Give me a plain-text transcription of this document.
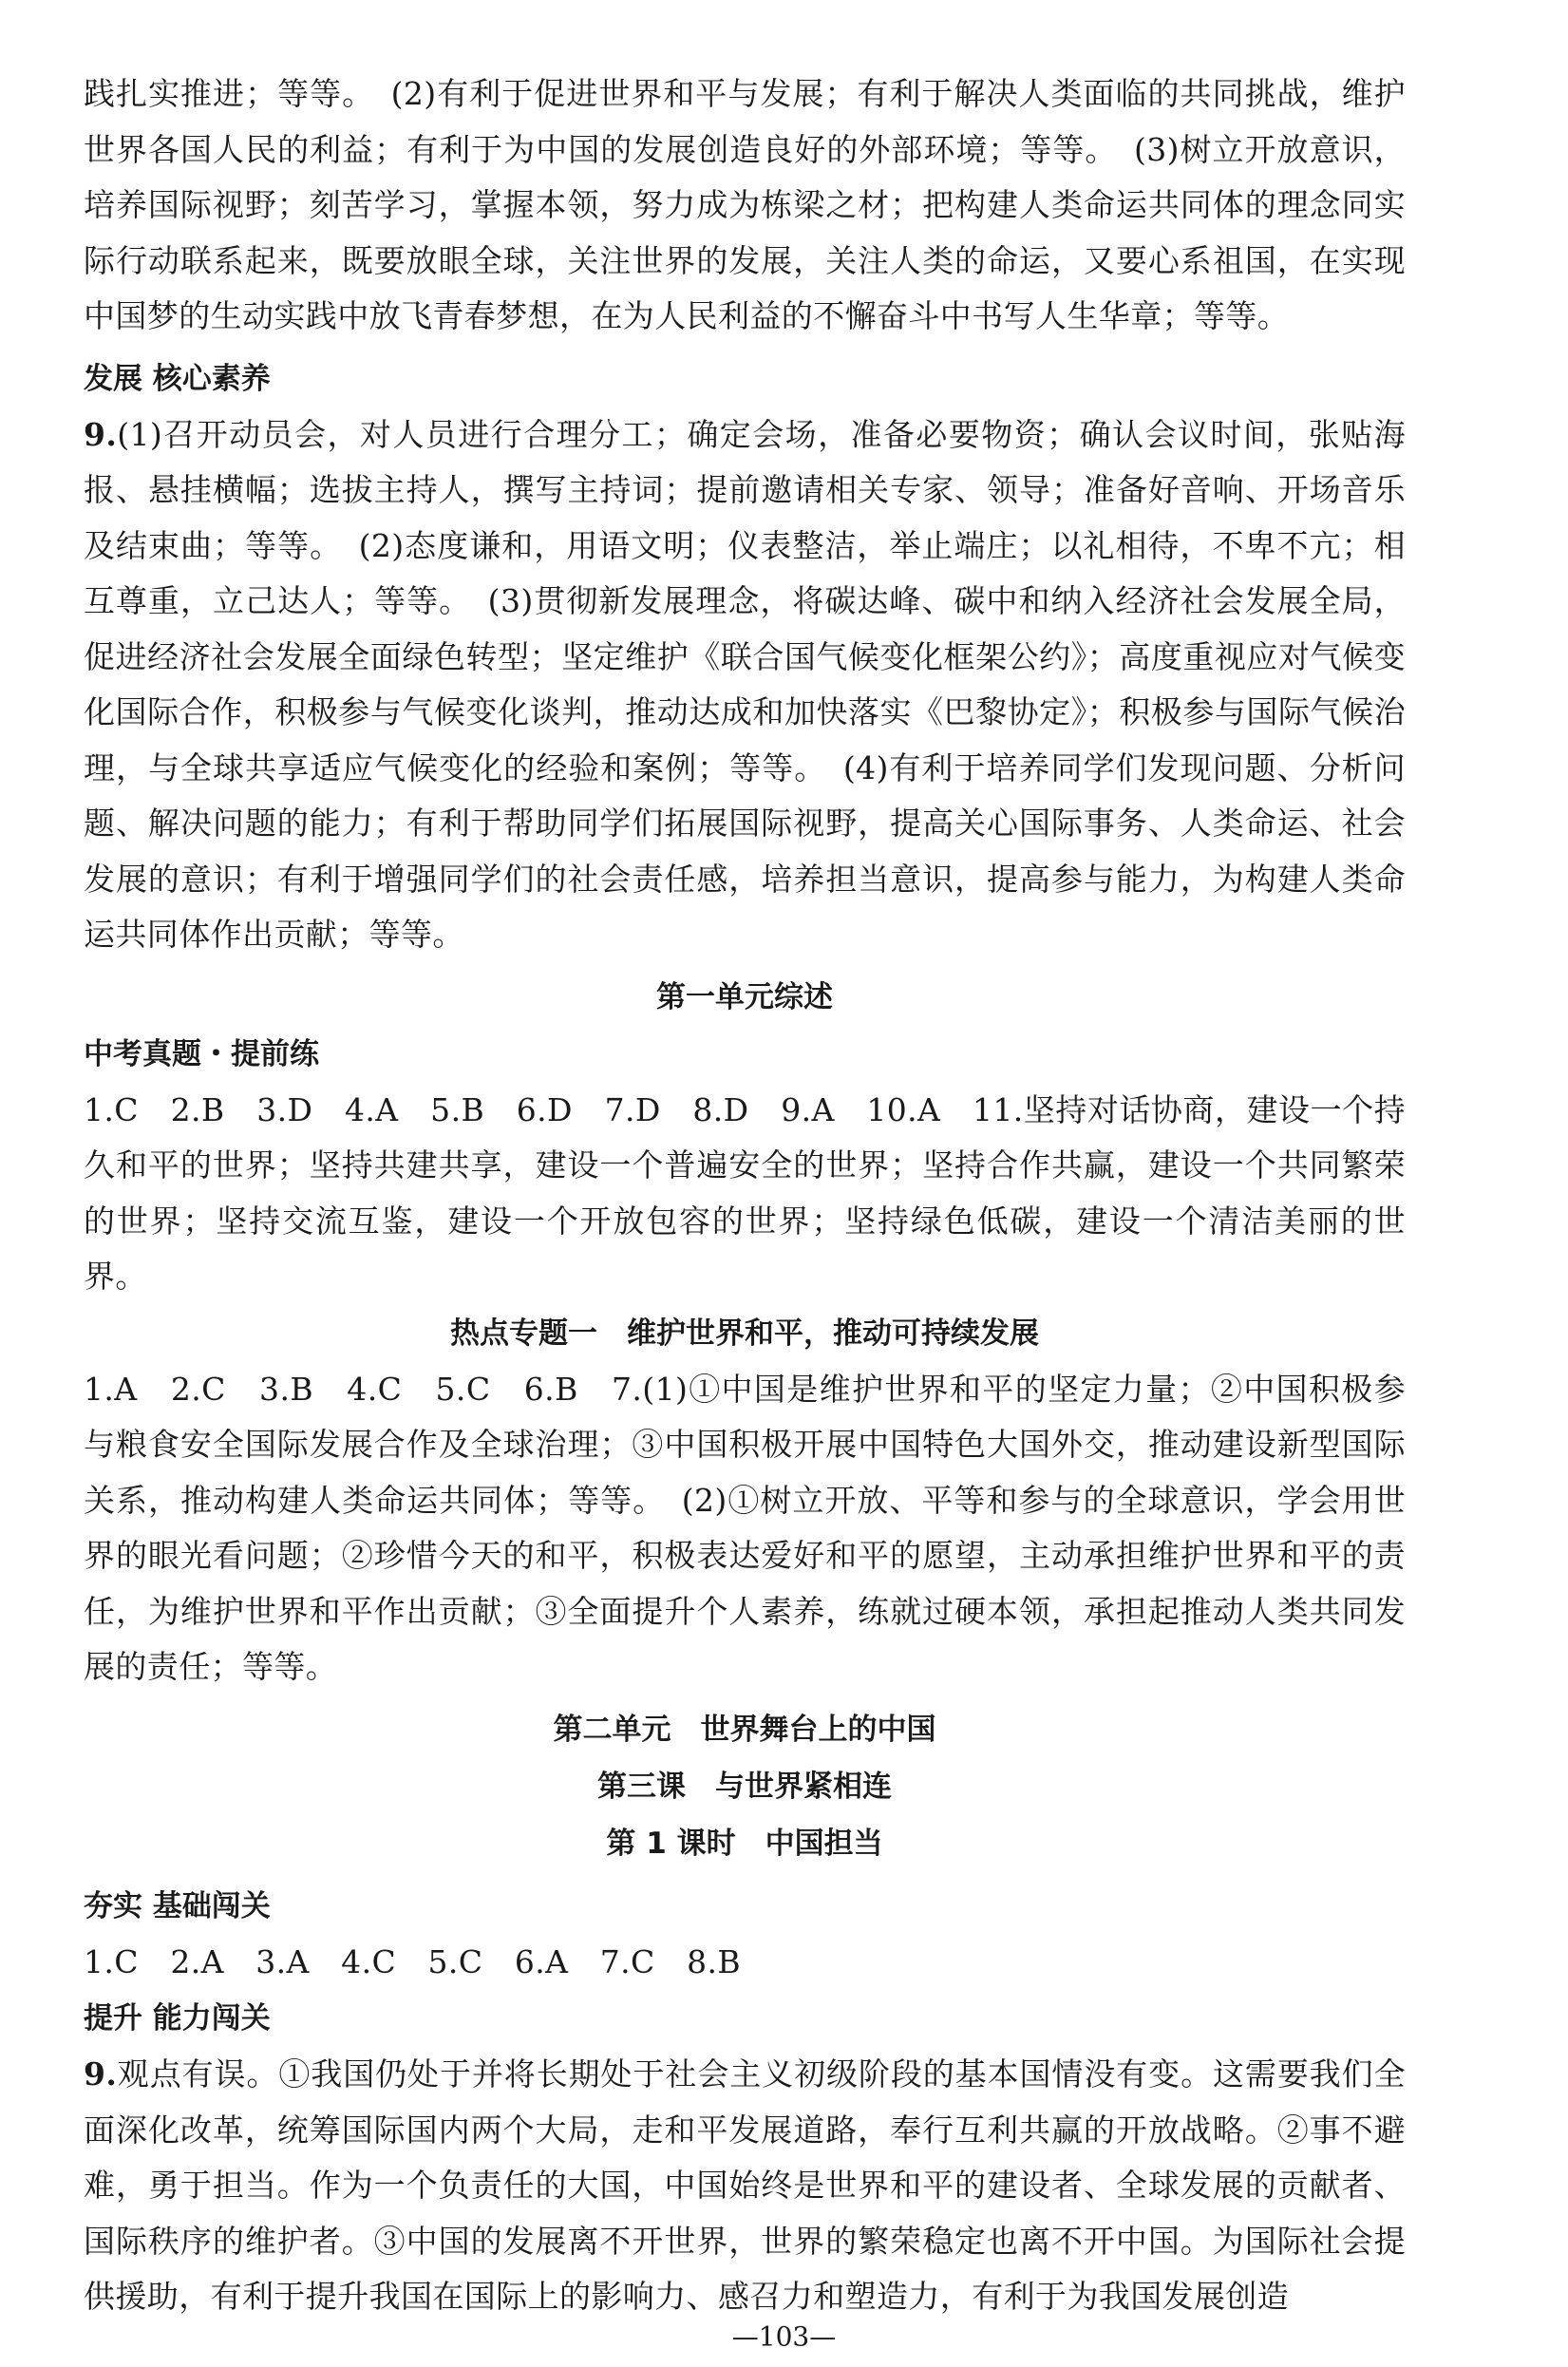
践扎实推进；等等。　(2)有利于促进世界和平与发展；有利于解决人类面临的共同挑战，维护世界各国人民的利益；有利于为中国的发展创造良好的外部环境；等等。　(3)树立开放意识，培养国际视野；刻苦学习，掌握本领，努力成为栋梁之材；把构建人类命运共同体的理念同实际行动联系起来，既要放眼全球，关注世界的发展，关注人类的命运，又要心系祖国，在实现中国梦的生动实践中放飞青春梦想，在为人民利益的不懈奋斗中书写人生华章；等等。

发展 核心素养

9.(1)召开动员会，对人员进行合理分工；确定会场，准备必要物资；确认会议时间，张贴海报、悬挂横幅；选拔主持人，撰写主持词；提前邀请相关专家、领导；准备好音响、开场音乐及结束曲；等等。　(2)态度谦和，用语文明；仪表整洁，举止端庄；以礼相待，不卑不亢；相互尊重，立己达人；等等。　(3)贯彻新发展理念，将碳达峰、碳中和纳入经济社会发展全局，促进经济社会发展全面绿色转型；坚定维护《联合国气候变化框架公约》；高度重视应对气候变化国际合作，积极参与气候变化谈判，推动达成和加快落实《巴黎协定》；积极参与国际气候治理，与全球共享适应气候变化的经验和案例；等等。　(4)有利于培养同学们发现问题、分析问题、解决问题的能力；有利于帮助同学们拓展国际视野，提高关心国际事务、人类命运、社会发展的意识；有利于增强同学们的社会责任感，培养担当意识，提高参与能力，为构建人类命运共同体作出贡献；等等。

第一单元综述

中考真题・提前练

1.C　2.B　3.D　4.A　5.B　6.D　7.D　8.D　9.A　10.A　11.坚持对话协商，建设一个持久和平的世界；坚持共建共享，建设一个普遍安全的世界；坚持合作共赢，建设一个共同繁荣的世界；坚持交流互鉴，建设一个开放包容的世界；坚持绿色低碳，建设一个清洁美丽的世界。

热点专题一　维护世界和平，推动可持续发展

1.A　2.C　3.B　4.C　5.C　6.B　7.(1)①中国是维护世界和平的坚定力量；②中国积极参与粮食安全国际发展合作及全球治理；③中国积极开展中国特色大国外交，推动建设新型国际关系，推动构建人类命运共同体；等等。　(2)①树立开放、平等和参与的全球意识，学会用世界的眼光看问题；②珍惜今天的和平，积极表达爱好和平的愿望，主动承担维护世界和平的责任，为维护世界和平作出贡献；③全面提升个人素养，练就过硬本领，承担起推动人类共同发展的责任；等等。

第二单元　世界舞台上的中国

第三课　与世界紧相连

第 1 课时　中国担当

夯实 基础闯关

1.C　2.A　3.A　4.C　5.C　6.A　7.C　8.B

提升 能力闯关

9.观点有误。①我国仍处于并将长期处于社会主义初级阶段的基本国情没有变。这需要我们全面深化改革，统筹国际国内两个大局，走和平发展道路，奉行互利共赢的开放战略。②事不避难，勇于担当。作为一个负责任的大国，中国始终是世界和平的建设者、全球发展的贡献者、国际秩序的维护者。③中国的发展离不开世界，世界的繁荣稳定也离不开中国。为国际社会提供援助，有利于提升我国在国际上的影响力、感召力和塑造力，有利于为我国发展创造

—103—
